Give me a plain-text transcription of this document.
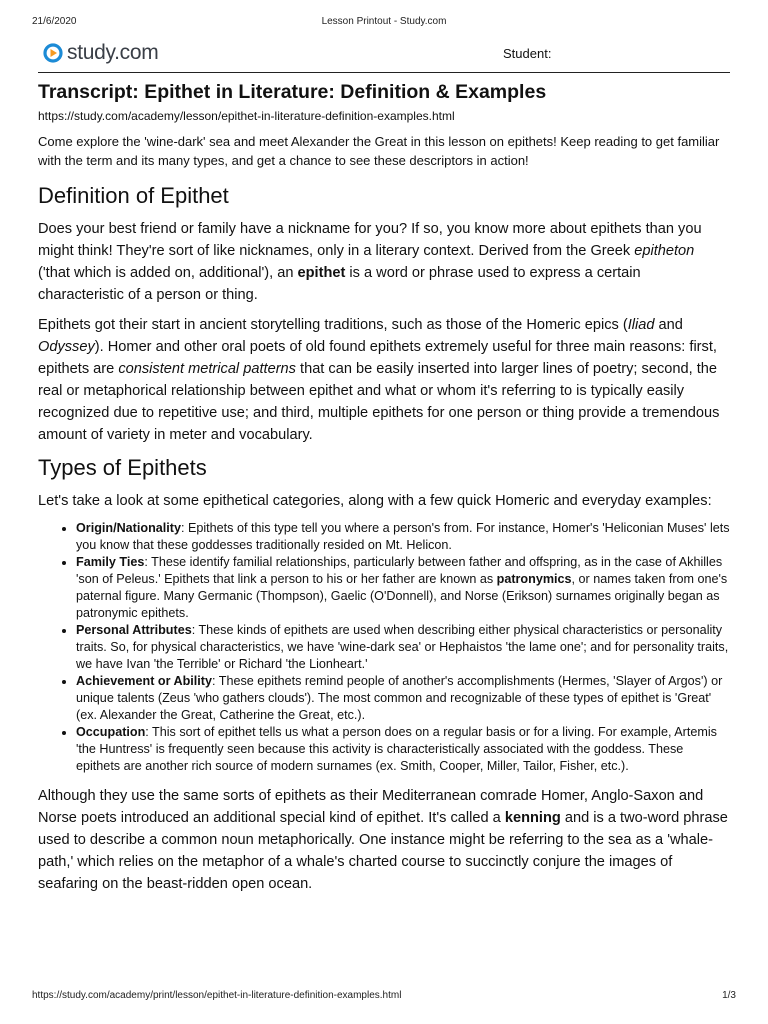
21/6/2020	Lesson Printout - Study.com
study.com	Student:
Transcript: Epithet in Literature: Definition & Examples
https://study.com/academy/lesson/epithet-in-literature-definition-examples.html

Come explore the 'wine-dark' sea and meet Alexander the Great in this lesson on epithets! Keep reading to get familiar with the term and its many types, and get a chance to see these descriptors in action!

Definition of Epithet

Does your best friend or family have a nickname for you? If so, you know more about epithets than you might think! They're sort of like nicknames, only in a literary context. Derived from the Greek epitheton ('that which is added on, additional'), an epithet is a word or phrase used to express a certain characteristic of a person or thing.

Epithets got their start in ancient storytelling traditions, such as those of the Homeric epics (Iliad and Odyssey). Homer and other oral poets of old found epithets extremely useful for three main reasons: first, epithets are consistent metrical patterns that can be easily inserted into larger lines of poetry; second, the real or metaphorical relationship between epithet and what or whom it's referring to is typically easily recognized due to repetitive use; and third, multiple epithets for one person or thing provide a tremendous amount of variety in meter and vocabulary.

Types of Epithets

Let's take a look at some epithetical categories, along with a few quick Homeric and everyday examples:

• Origin/Nationality: Epithets of this type tell you where a person's from. For instance, Homer's 'Heliconian Muses' lets you know that these goddesses traditionally resided on Mt. Helicon.
• Family Ties: These identify familial relationships, particularly between father and offspring, as in the case of Akhilles 'son of Peleus.' Epithets that link a person to his or her father are known as patronymics, or names taken from one's paternal figure. Many Germanic (Thompson), Gaelic (O'Donnell), and Norse (Erikson) surnames originally began as patronymic epithets.
• Personal Attributes: These kinds of epithets are used when describing either physical characteristics or personality traits. So, for physical characteristics, we have 'wine-dark sea' or Hephaistos 'the lame one'; and for personality traits, we have Ivan 'the Terrible' or Richard 'the Lionheart.'
• Achievement or Ability: These epithets remind people of another's accomplishments (Hermes, 'Slayer of Argos') or unique talents (Zeus 'who gathers clouds'). The most common and recognizable of these types of epithet is 'Great' (ex. Alexander the Great, Catherine the Great, etc.).
• Occupation: This sort of epithet tells us what a person does on a regular basis or for a living. For example, Artemis 'the Huntress' is frequently seen because this activity is characteristically associated with the goddess. These epithets are another rich source of modern surnames (ex. Smith, Cooper, Miller, Tailor, Fisher, etc.).

Although they use the same sorts of epithets as their Mediterranean comrade Homer, Anglo-Saxon and Norse poets introduced an additional special kind of epithet. It's called a kenning and is a two-word phrase used to describe a common noun metaphorically. One instance might be referring to the sea as a 'whale-path,' which relies on the metaphor of a whale's charted course to succinctly conjure the images of seafaring on the beast-ridden open ocean.

https://study.com/academy/print/lesson/epithet-in-literature-definition-examples.html	1/3
